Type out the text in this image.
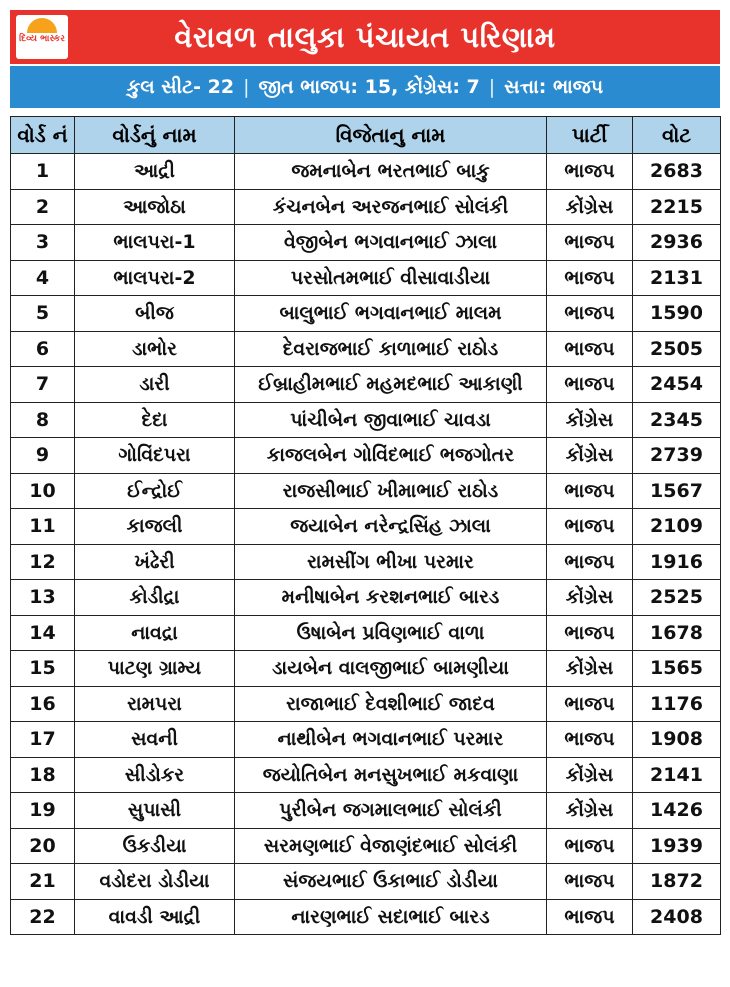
દિવ્ય ભાસ્કર	વેરાવળ તાલુકા પંચાયત પરિણામ
કુલ સીટ- 22 | જીત ભાજપ: 15, કોંગ્રેસ: 7 | સત્તા: ભાજપ
વોર્ડ નં	વોર્ડનું નામ	વિજેતાનુ નામ	પાર્ટી	વોટ
1	આદ્રી	જમનાબેન ભરતભાઈ બાકુ	ભાજપ	2683
2	આજોઠા	કંચનબેન અરજનભાઈ સોલંકી	કોંગ્રેસ	2215
3	ભાલપરા-1	વેજીબેન ભગવાનભાઈ ઝાલા	ભાજપ	2936
4	ભાલપરા-2	પરસોતમભાઈ વીસાવાડીયા	ભાજપ	2131
5	બીજ	બાલુભાઈ ભગવાનભાઈ માલમ	ભાજપ	1590
6	ડાભોર	દેવરાજભાઈ કાળાભાઈ રાઠોડ	ભાજપ	2505
7	ડારી	ઈબ્રાહીમભાઈ મહમદભાઈ આકાણી	ભાજપ	2454
8	દેદા	પાંચીબેન જીવાભાઈ ચાવડા	કોંગ્રેસ	2345
9	ગોવિંદપરા	કાજલબેન ગોવિંદભાઈ ભજગોતર	કોંગ્રેસ	2739
10	ઈન્દ્રોઈ	રાજસીભાઈ ખીમાભાઈ રાઠોડ	ભાજપ	1567
11	કાજલી	જયાબેન નરેન્દ્રસિંહ ઝાલા	ભાજપ	2109
12	ખંઢેરી	રામસીંગ ભીખા પરમાર	ભાજપ	1916
13	કોડીદ્રા	મનીષાબેન કરશનભાઈ બારડ	કોંગ્રેસ	2525
14	નાવદ્રા	ઉષાબેન પ્રવિણભાઈ વાળા	ભાજપ	1678
15	પાટણ ગ્રામ્ય	ડાયબેન વાલજીભાઈ બામણીયા	કોંગ્રેસ	1565
16	રામપરા	રાજાભાઈ દેવશીભાઈ જાદવ	ભાજપ	1176
17	સવની	નાથીબેન ભગવાનભાઈ પરમાર	ભાજપ	1908
18	સીડોકર	જયોતિબેન મનસુખભાઈ મકવાણા	કોંગ્રેસ	2141
19	સુપાસી	પુરીબેન જગમાલભાઈ સોલંકી	કોંગ્રેસ	1426
20	ઉકડીયા	સરમણભાઈ વેજાણંદભાઈ સોલંકી	ભાજપ	1939
21	વડોદરા ડોડીયા	સંજયભાઈ ઉકાભાઈ ડોડીયા	ભાજપ	1872
22	વાવડી આદ્રી	નારણભાઈ સદાભાઈ બારડ	ભાજપ	2408
